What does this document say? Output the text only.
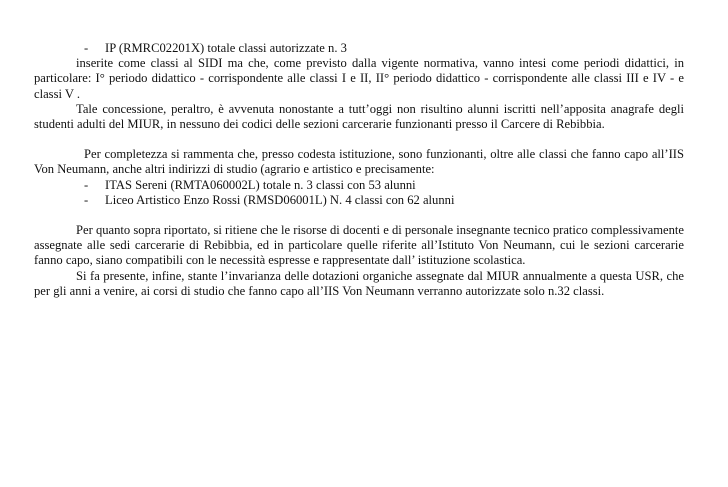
- IP (RMRC02201X) totale classi autorizzate n. 3

inserite come classi al SIDI ma che, come previsto dalla vigente normativa, vanno intesi come periodi didattici, in particolare: I° periodo didattico - corrispondente alle classi I e II, II° periodo didattico - corrispondente alle classi III e IV - e classi V .

Tale concessione, peraltro, è avvenuta nonostante a tutt’oggi non risultino alunni iscritti nell’apposita anagrafe degli studenti adulti del MIUR, in nessuno dei codici delle sezioni carcerarie funzionanti presso il Carcere di Rebibbia.

Per completezza si rammenta che, presso codesta istituzione, sono funzionanti, oltre alle classi che fanno capo all’IIS Von Neumann, anche altri indirizzi di studio (agrario e artistico e precisamente:

- ITAS Sereni (RMTA060002L) totale n. 3 classi con 53 alunni

- Liceo Artistico Enzo Rossi (RMSD06001L) N. 4 classi con 62 alunni

Per quanto sopra riportato, si ritiene che le risorse di docenti e di personale insegnante tecnico pratico complessivamente assegnate alle sedi carcerarie di Rebibbia, ed in particolare quelle riferite all’Istituto Von Neumann, cui le sezioni carcerarie fanno capo, siano compatibili con le necessità espresse e rappresentate dall’ istituzione scolastica.

Si fa presente, infine, stante l’invarianza delle dotazioni organiche assegnate dal MIUR annualmente a questa USR, che per gli anni a venire, ai corsi di studio che fanno capo all’IIS Von Neumann verranno autorizzate solo n.32 classi.
